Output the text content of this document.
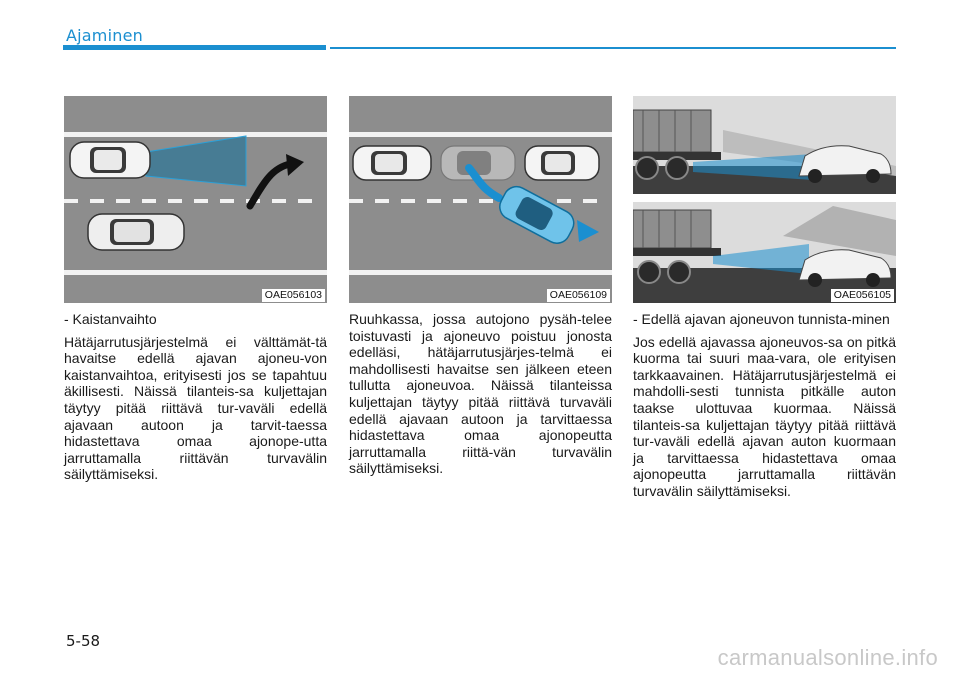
Ajaminen
OAE056103	OAE056109	OAE056105

- Kaistanvaihto

Hätäjarrutusjärjestelmä ei välttämät-tä havaitse edellä ajavan ajoneu-von kaistanvaihtoa, erityisesti jos se tapahtuu äkillisesti. Näissä tilanteis-sa kuljettajan täytyy pitää riittävä tur-vaväli edellä ajavaan autoon ja tarvit-taessa hidastettava omaa ajonope-utta jarruttamalla riittävän turvavälin säilyttämiseksi.

Ruuhkassa, jossa autojono pysäh-telee toistuvasti ja ajoneuvo poistuu jonosta edelläsi, hätäjarrutusjärjes-telmä ei mahdollisesti havaitse sen jälkeen eteen tullutta ajoneuvoa. Näissä tilanteissa kuljettajan täytyy pitää riittävä turvaväli edellä ajavaan autoon ja tarvittaessa hidastettava omaa ajonopeutta jarruttamalla riittä-vän turvavälin säilyttämiseksi.

- Edellä ajavan ajoneuvon tunnista-minen

Jos edellä ajavassa ajoneuvos-sa on pitkä kuorma tai suuri maa-vara, ole erityisen tarkkaavainen. Hätäjarrutusjärjestelmä ei mahdolli-sesti tunnista pitkälle auton taakse ulottuvaa kuormaa. Näissä tilanteis-sa kuljettajan täytyy pitää riittävä tur-vaväli edellä ajavan auton kuormaan ja tarvittaessa hidastettava omaa ajonopeutta jarruttamalla riittävän turvavälin säilyttämiseksi.

5-58
carmanualsonline.info
